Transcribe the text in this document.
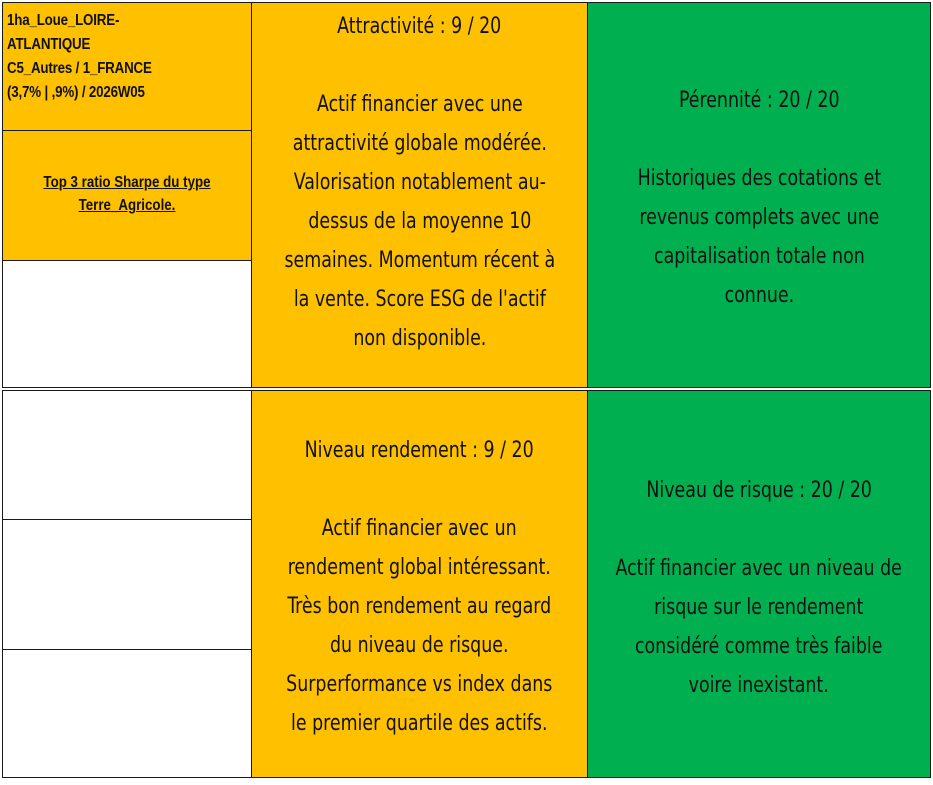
1ha_Loue_LOIRE-
ATLANTIQUE
C5_Autres / 1_FRANCE
(3,7% | ,9%) / 2026W05
Top 3 ratio Sharpe du type
Terre_Agricole.
Attractivité : 9 / 20
Actif financier avec une
attractivité globale modérée.
Valorisation notablement au-
dessus de la moyenne 10
semaines. Momentum récent à
la vente. Score ESG de l'actif
non disponible.
Pérennité : 20 / 20
Historiques des cotations et
revenus complets avec une
capitalisation totale non
connue.
Niveau rendement : 9 / 20
Actif financier avec un
rendement global intéressant.
Très bon rendement au regard
du niveau de risque.
Surperformance vs index dans
le premier quartile des actifs.
Niveau de risque : 20 / 20
Actif financier avec un niveau de
risque sur le rendement
considéré comme très faible
voire inexistant.
